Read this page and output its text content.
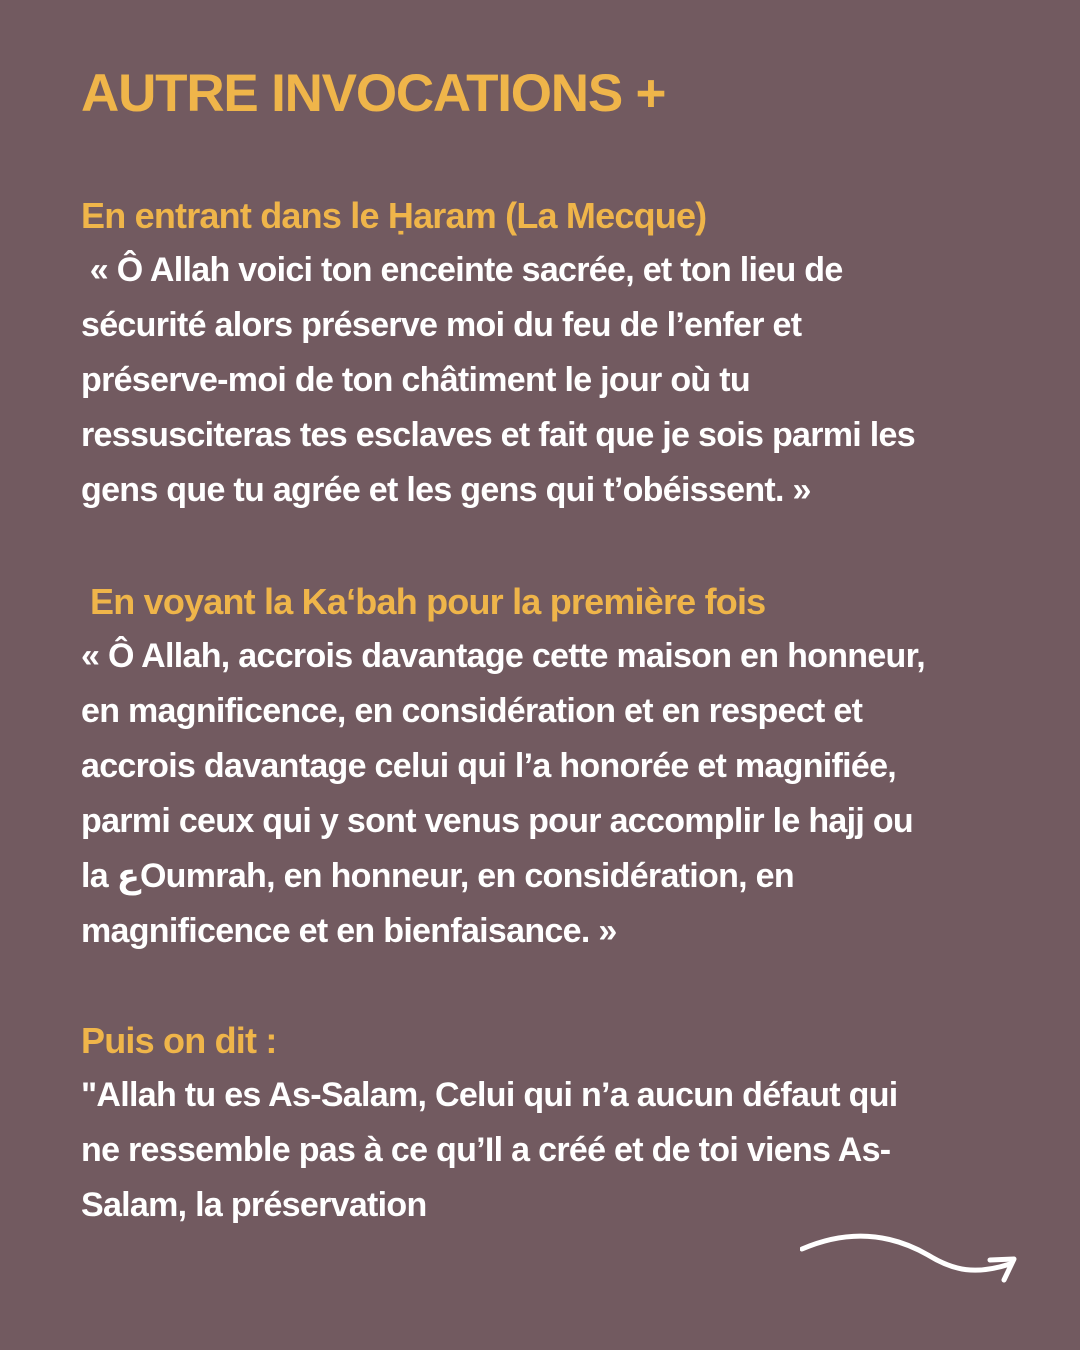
AUTRE INVOCATIONS +
En entrant dans le Ḥaram (La Mecque)

« Ô Allah voici ton enceinte sacrée, et ton lieu de
sécurité alors préserve moi du feu de l’enfer et
préserve-moi de ton châtiment le jour où tu
ressusciteras tes esclaves et fait que je sois parmi les
gens que tu agrée et les gens qui t’obéissent. »

En voyant la Ka‘bah pour la première fois

« Ô Allah, accrois davantage cette maison en honneur,
en magnificence, en considération et en respect et
accrois davantage celui qui l’a honorée et magnifiée,
parmi ceux qui y sont venus pour accomplir le hajj ou
la ع‎Oumrah, en honneur, en considération, en
magnificence et en bienfaisance. »

Puis on dit :

"Allah tu es As-Salam, Celui qui n’a aucun défaut qui
ne ressemble pas à ce qu’Il a créé et de toi viens As-
Salam, la préservation
